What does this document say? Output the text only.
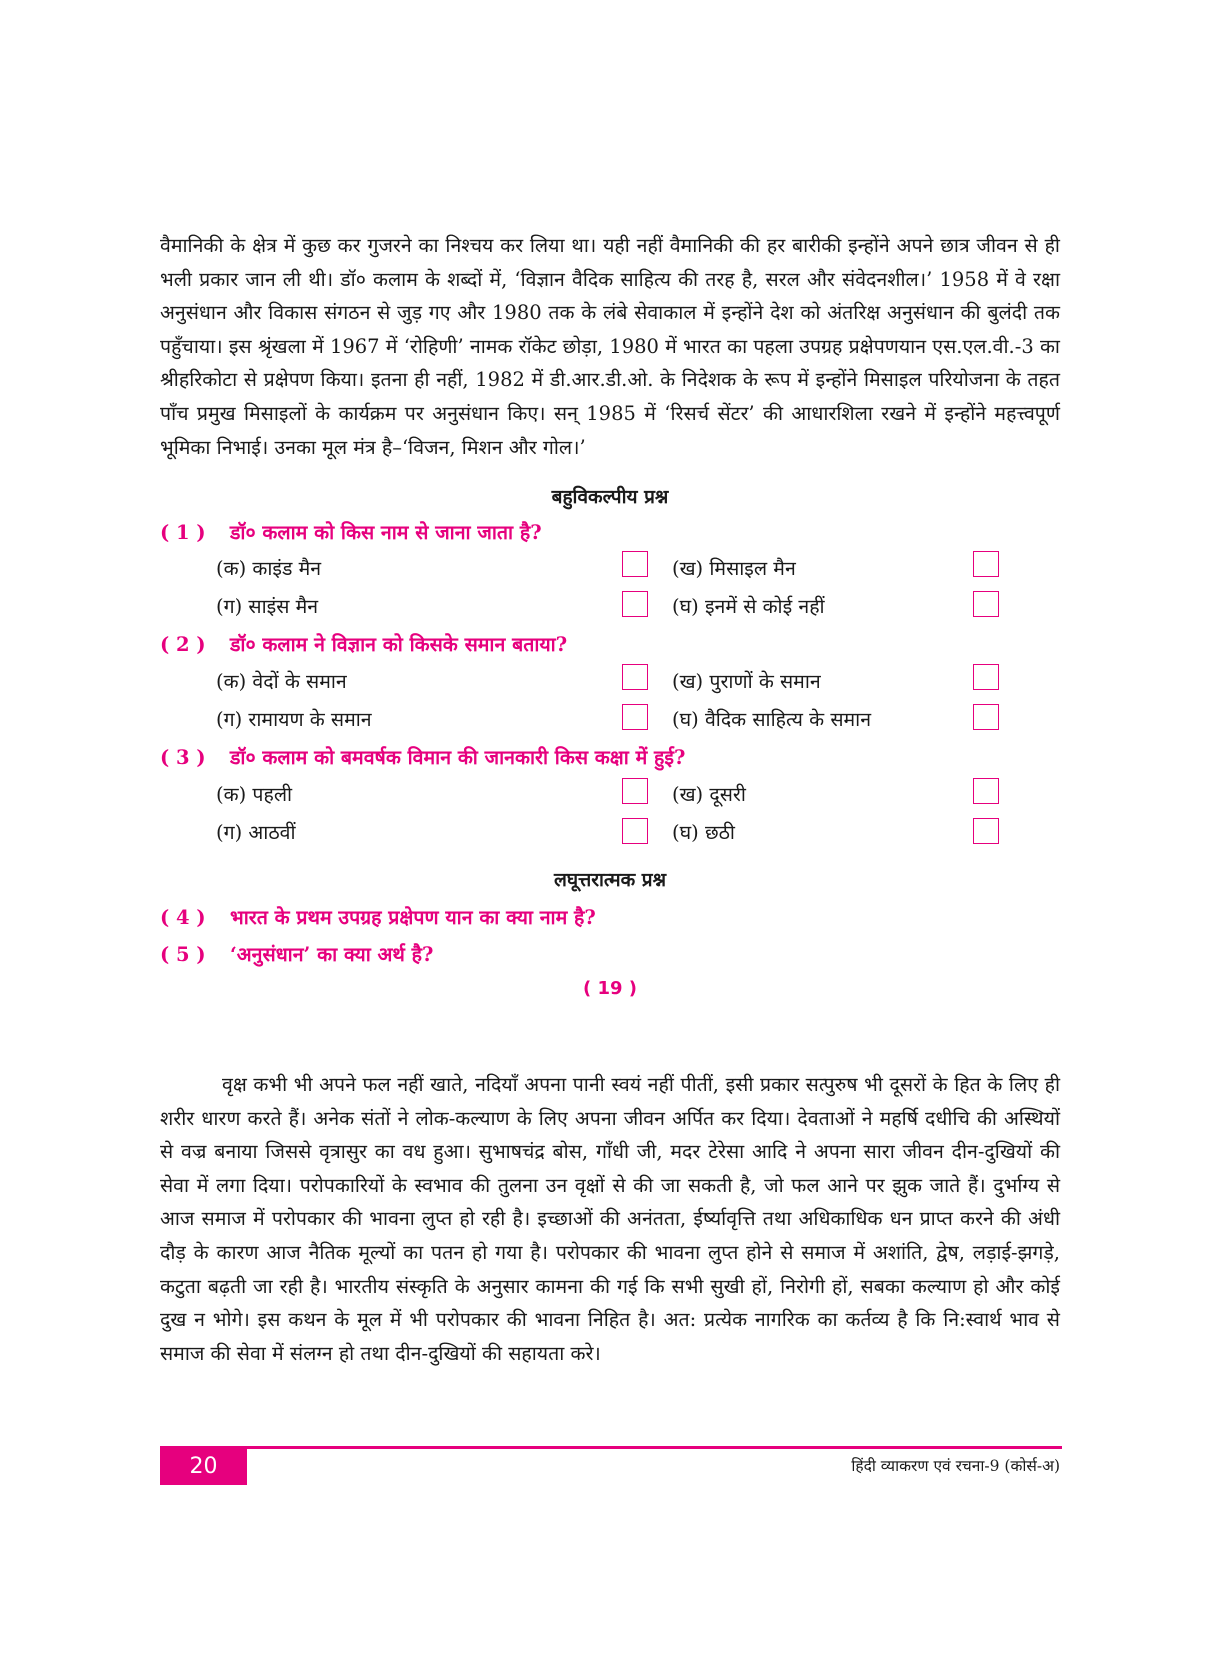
वैमानिकी के क्षेत्र में कुछ कर गुजरने का निश्चय कर लिया था। यही नहीं वैमानिकी की हर बारीकी इन्होंने अपने छात्र जीवन से ही भली प्रकार जान ली थी। डॉ० कलाम के शब्दों में, ‘विज्ञान वैदिक साहित्य की तरह है, सरल और संवेदनशील।’ 1958 में वे रक्षा अनुसंधान और विकास संगठन से जुड़ गए और 1980 तक के लंबे सेवाकाल में इन्होंने देश को अंतरिक्ष अनुसंधान की बुलंदी तक पहुँचाया। इस श्रृंखला में 1967 में ‘रोहिणी’ नामक रॉकेट छोड़ा, 1980 में भारत का पहला उपग्रह प्रक्षेपणयान एस.एल.वी.-3 का श्रीहरिकोटा से प्रक्षेपण किया। इतना ही नहीं, 1982 में डी.आर.डी.ओ. के निदेशक के रूप में इन्होंने मिसाइल परियोजना के तहत पाँच प्रमुख मिसाइलों के कार्यक्रम पर अनुसंधान किए। सन् 1985 में ‘रिसर्च सेंटर’ की आधारशिला रखने में इन्होंने महत्त्वपूर्ण भूमिका निभाई। उनका मूल मंत्र है–‘विजन, मिशन और गोल।’

बहुविकल्पीय प्रश्न
( 1 )	डॉ० कलाम को किस नाम से जाना जाता है?
(क) काइंड मैन	(ख) मिसाइल मैन
(ग) साइंस मैन	(घ) इनमें से कोई नहीं
( 2 )	डॉ० कलाम ने विज्ञान को किसके समान बताया?
(क) वेदों के समान	(ख) पुराणों के समान
(ग) रामायण के समान	(घ) वैदिक साहित्य के समान
( 3 )	डॉ० कलाम को बमवर्षक विमान की जानकारी किस कक्षा में हुई?
(क) पहली	(ख) दूसरी
(ग) आठवीं	(घ) छठी
लघूत्तरात्मक प्रश्न
( 4 )	भारत के प्रथम उपग्रह प्रक्षेपण यान का क्या नाम है?
( 5 )	‘अनुसंधान’ का क्या अर्थ है?
( 19 )

वृक्ष कभी भी अपने फल नहीं खाते, नदियाँ अपना पानी स्वयं नहीं पीतीं, इसी प्रकार सत्पुरुष भी दूसरों के हित के लिए ही शरीर धारण करते हैं। अनेक संतों ने लोक-कल्याण के लिए अपना जीवन अर्पित कर दिया। देवताओं ने महर्षि दधीचि की अस्थियों से वज्र बनाया जिससे वृत्रासुर का वध हुआ। सुभाषचंद्र बोस, गाँधी जी, मदर टेरेसा आदि ने अपना सारा जीवन दीन-दुखियों की सेवा में लगा दिया। परोपकारियों के स्वभाव की तुलना उन वृक्षों से की जा सकती है, जो फल आने पर झुक जाते हैं। दुर्भाग्य से आज समाज में परोपकार की भावना लुप्त हो रही है। इच्छाओं की अनंतता, ईर्ष्यावृत्ति तथा अधिकाधिक धन प्राप्त करने की अंधी दौड़ के कारण आज नैतिक मूल्यों का पतन हो गया है। परोपकार की भावना लुप्त होने से समाज में अशांति, द्वेष, लड़ाई-झगड़े, कटुता बढ़ती जा रही है। भारतीय संस्कृति के अनुसार कामना की गई कि सभी सुखी हों, निरोगी हों, सबका कल्याण हो और कोई दुख न भोगे। इस कथन के मूल में भी परोपकार की भावना निहित है। अत: प्रत्येक नागरिक का कर्तव्य है कि नि:स्वार्थ भाव से समाज की सेवा में संलग्न हो तथा दीन-दुखियों की सहायता करे।

20	हिंदी व्याकरण एवं रचना-9 (कोर्स-अ)
